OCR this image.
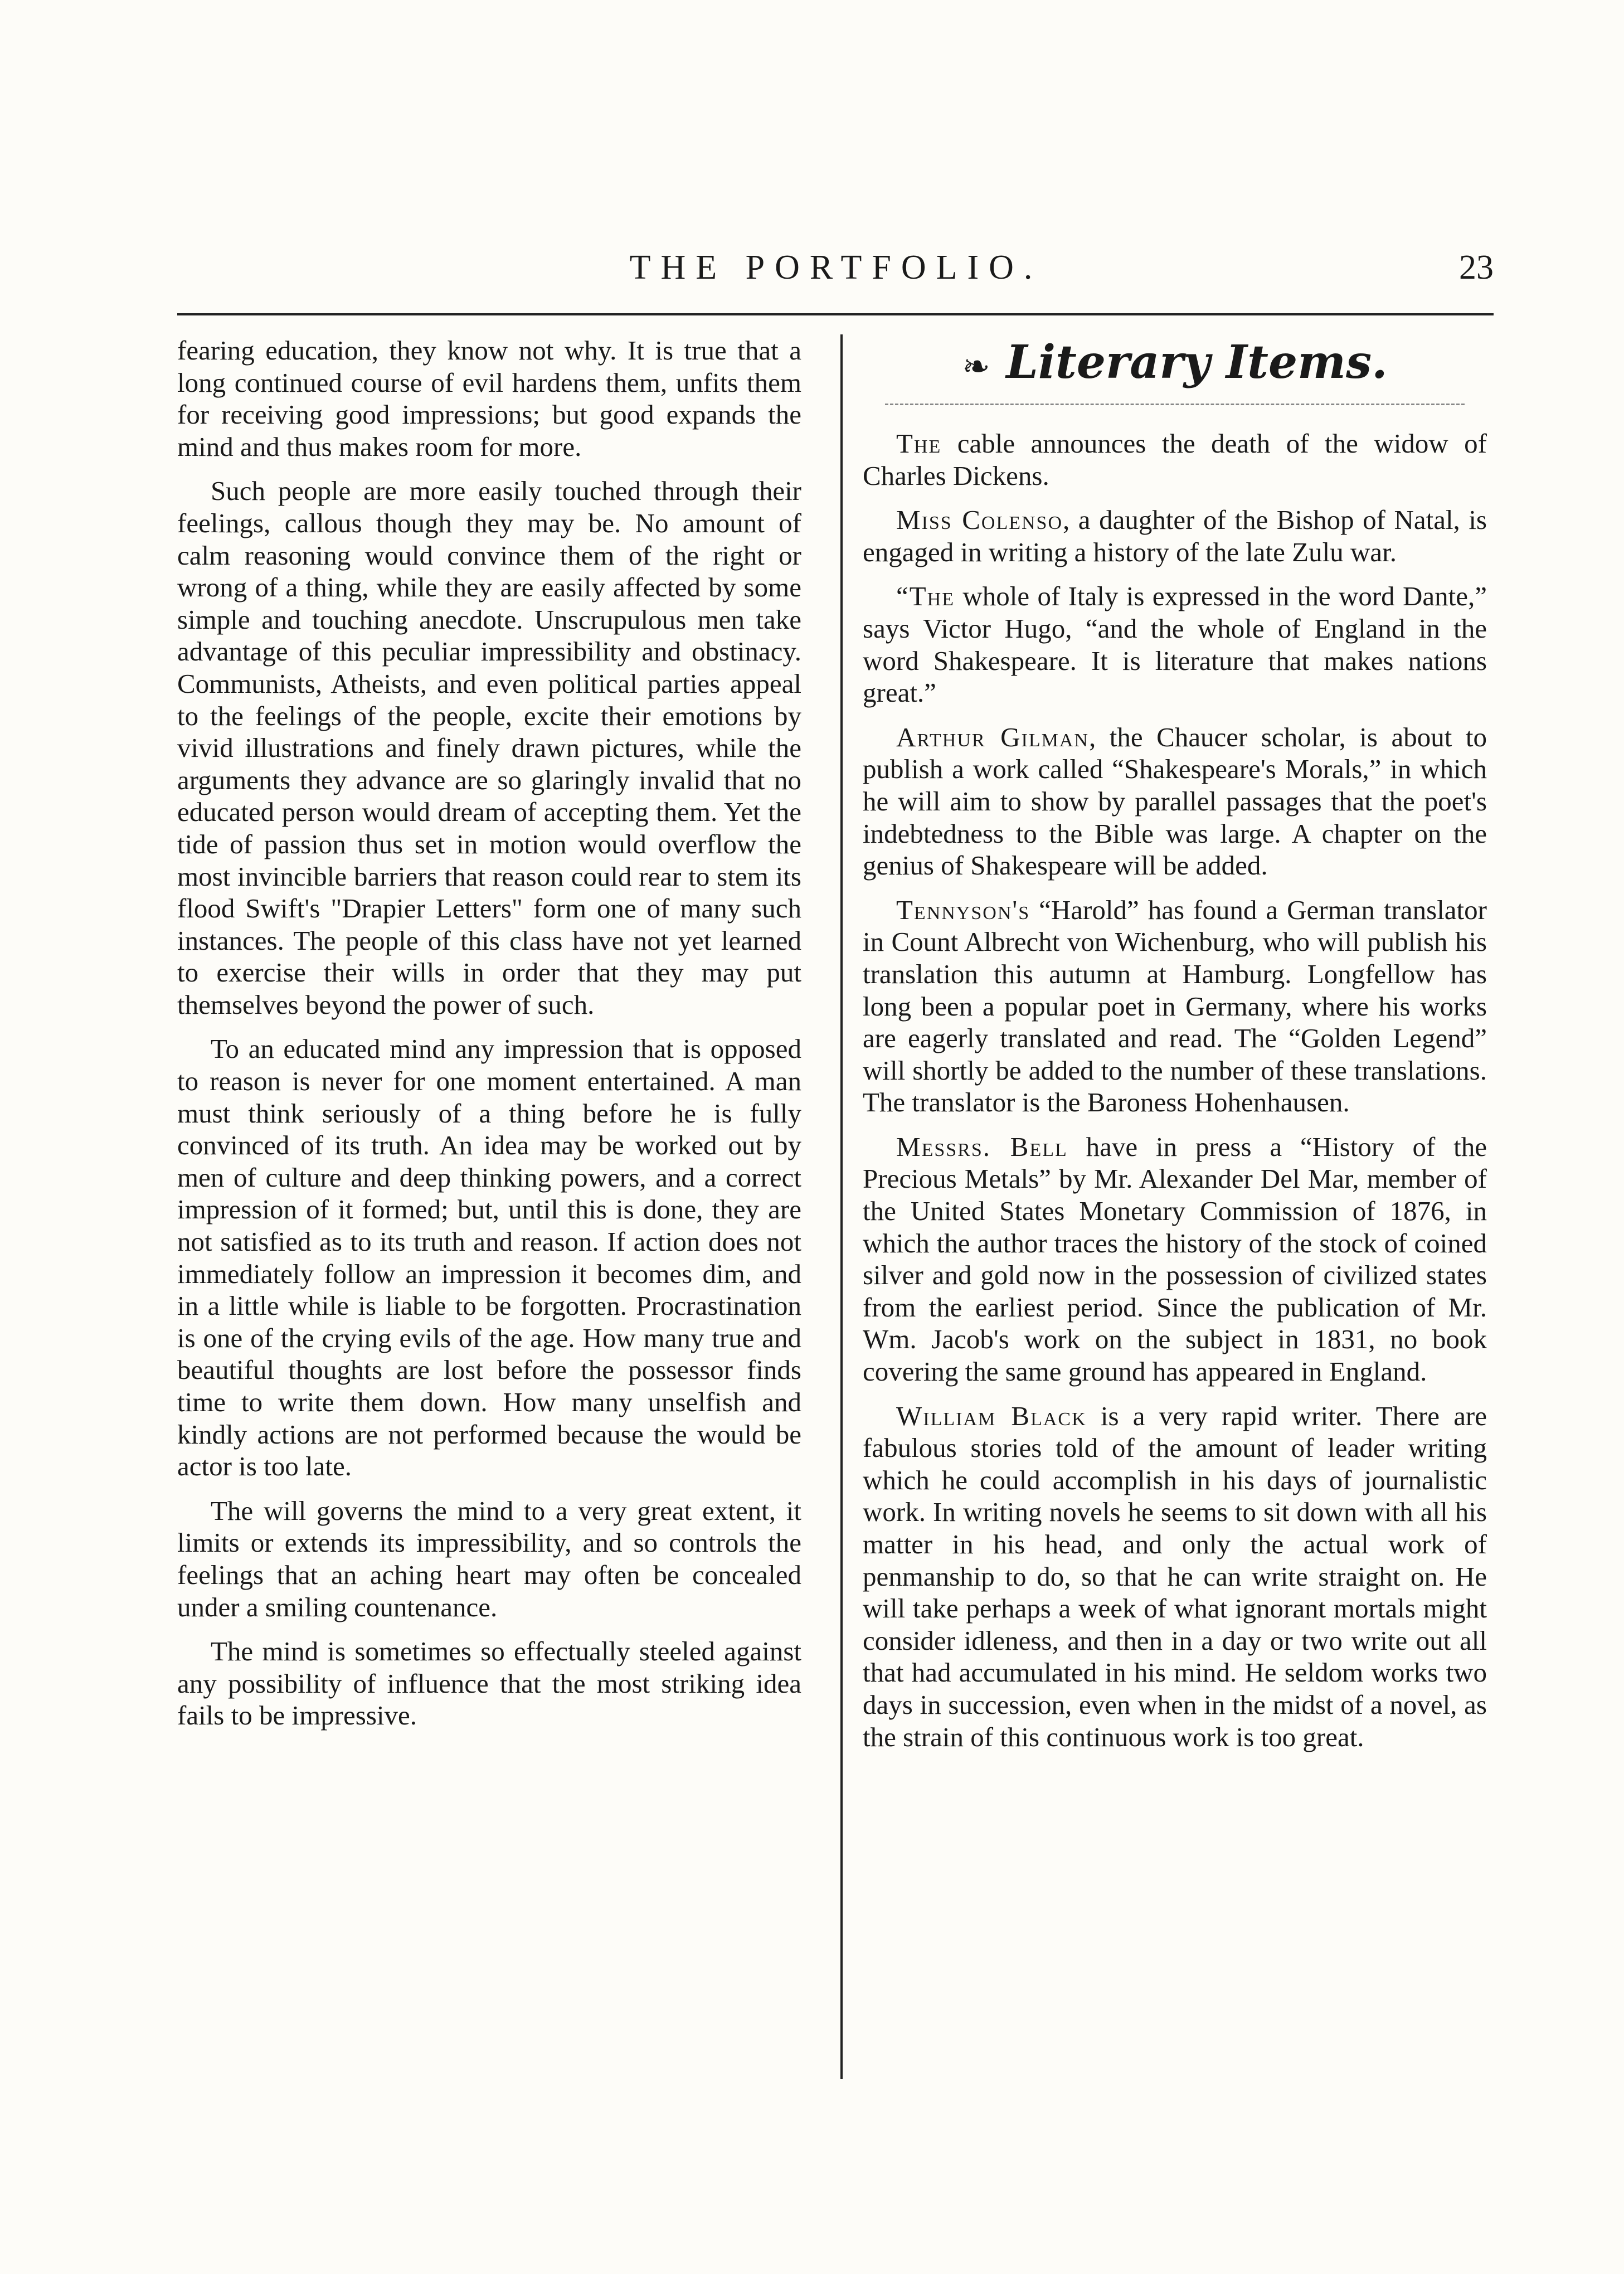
THE PORTFOLIO.	23

fearing education, they know not why. It is true that a long continued course of evil hardens them, unfits them for receiving good impressions; but good expands the mind and thus makes room for more.

Such people are more easily touched through their feelings, callous though they may be. No amount of calm reasoning would convince them of the right or wrong of a thing, while they are easily affected by some simple and touching anecdote. Unscrupulous men take advantage of this peculiar impressibility and obstinacy. Communists, Atheists, and even political parties appeal to the feelings of the people, excite their emotions by vivid illustrations and finely drawn pictures, while the arguments they advance are so glaringly invalid that no educated person would dream of accepting them. Yet the tide of passion thus set in motion would overflow the most invincible barriers that reason could rear to stem its flood Swift's "Drapier Letters" form one of many such instances. The people of this class have not yet learned to exercise their wills in order that they may put themselves beyond the power of such.

To an educated mind any impression that is opposed to reason is never for one moment entertained. A man must think seriously of a thing before he is fully convinced of its truth. An idea may be worked out by men of culture and deep thinking powers, and a correct impression of it formed; but, until this is done, they are not satisfied as to its truth and reason. If action does not immediately follow an impression it becomes dim, and in a little while is liable to be forgotten. Procrastination is one of the crying evils of the age. How many true and beautiful thoughts are lost before the possessor finds time to write them down. How many unselfish and kindly actions are not performed because the would be actor is too late.

The will governs the mind to a very great extent, it limits or extends its impressibility, and so controls the feelings that an aching heart may often be concealed under a smiling countenance.

The mind is sometimes so effectually steeled against any possibility of influence that the most striking idea fails to be impressive.

❧ Literary Items.

The cable announces the death of the widow of Charles Dickens.

Miss Colenso, a daughter of the Bishop of Natal, is engaged in writing a history of the late Zulu war.

“The whole of Italy is expressed in the word Dante,” says Victor Hugo, “and the whole of England in the word Shakespeare. It is literature that makes nations great.”

Arthur Gilman, the Chaucer scholar, is about to publish a work called “Shakespeare's Morals,” in which he will aim to show by parallel passages that the poet's indebtedness to the Bible was large. A chapter on the genius of Shakespeare will be added.

Tennyson's “Harold” has found a German translator in Count Albrecht von Wichenburg, who will publish his translation this autumn at Hamburg. Longfellow has long been a popular poet in Germany, where his works are eagerly translated and read. The “Golden Legend” will shortly be added to the number of these translations. The translator is the Baroness Hohenhausen.

Messrs. Bell have in press a “History of the Precious Metals” by Mr. Alexander Del Mar, member of the United States Monetary Commission of 1876, in which the author traces the history of the stock of coined silver and gold now in the possession of civilized states from the earliest period. Since the publication of Mr. Wm. Jacob's work on the subject in 1831, no book covering the same ground has appeared in England.

William Black is a very rapid writer. There are fabulous stories told of the amount of leader writing which he could accomplish in his days of journalistic work. In writing novels he seems to sit down with all his matter in his head, and only the actual work of penmanship to do, so that he can write straight on. He will take perhaps a week of what ignorant mortals might consider idleness, and then in a day or two write out all that had accumulated in his mind. He seldom works two days in succession, even when in the midst of a novel, as the strain of this continuous work is too great.
